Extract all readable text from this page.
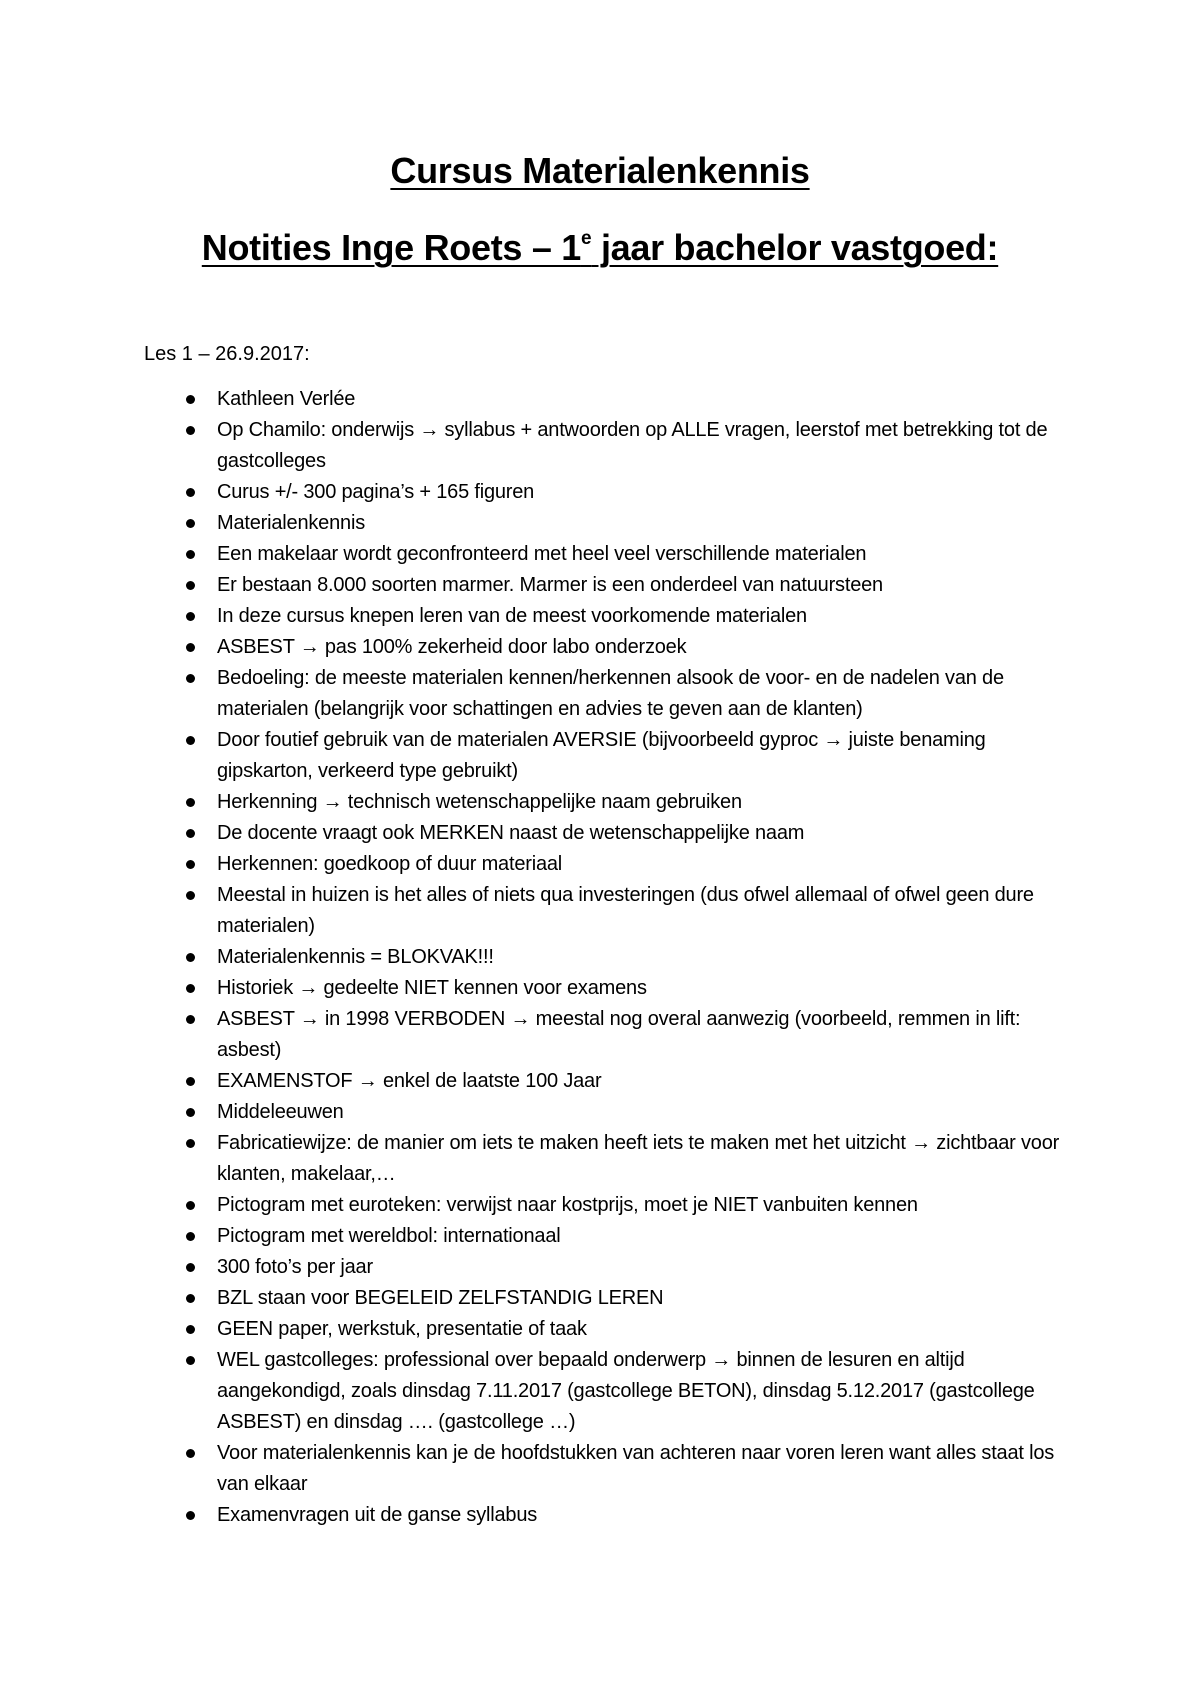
Cursus Materialenkennis
Notities Inge Roets – 1e jaar bachelor vastgoed:
Les 1 – 26.9.2017:
Kathleen Verlée
Op Chamilo: onderwijs → syllabus + antwoorden op ALLE vragen, leerstof met betrekking tot de gastcolleges
Curus +/- 300 pagina’s + 165 figuren
Materialenkennis
Een makelaar wordt geconfronteerd met heel veel verschillende materialen
Er bestaan 8.000 soorten marmer. Marmer is een onderdeel van natuursteen
In deze cursus knepen leren van de meest voorkomende materialen
ASBEST → pas 100% zekerheid door labo onderzoek
Bedoeling: de meeste materialen kennen/herkennen alsook de voor- en de nadelen van de materialen (belangrijk voor schattingen en advies te geven aan de klanten)
Door foutief gebruik van de materialen AVERSIE (bijvoorbeeld gyproc → juiste benaming gipskarton, verkeerd type gebruikt)
Herkenning → technisch wetenschappelijke naam gebruiken
De docente vraagt ook MERKEN naast de wetenschappelijke naam
Herkennen: goedkoop of duur materiaal
Meestal in huizen is het alles of niets qua investeringen (dus ofwel allemaal of ofwel geen dure materialen)
Materialenkennis = BLOKVAK!!!
Historiek → gedeelte NIET kennen voor examens
ASBEST → in 1998 VERBODEN → meestal nog overal aanwezig (voorbeeld, remmen in lift: asbest)
EXAMENSTOF → enkel de laatste 100 Jaar
Middeleeuwen
Fabricatiewijze: de manier om iets te maken heeft iets te maken met het uitzicht → zichtbaar voor klanten, makelaar,…
Pictogram met euroteken: verwijst naar kostprijs, moet je NIET vanbuiten kennen
Pictogram met wereldbol: internationaal
300 foto’s per jaar
BZL staan voor BEGELEID ZELFSTANDIG LEREN
GEEN paper, werkstuk, presentatie of taak
WEL gastcolleges: professional over bepaald onderwerp → binnen de lesuren en altijd aangekondigd, zoals dinsdag 7.11.2017 (gastcollege BETON), dinsdag 5.12.2017 (gastcollege ASBEST) en dinsdag …. (gastcollege …)
Voor materialenkennis kan je de hoofdstukken van achteren naar voren leren want alles staat los van elkaar
Examenvragen uit de ganse syllabus
